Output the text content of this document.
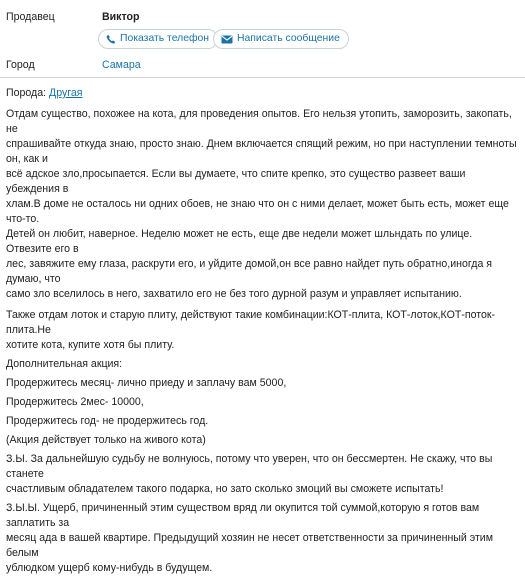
Продавец	Виктор
Показать телефон	Написать сообщение
Город	Самара
Порода: Другая

Отдам существо, похожее на кота, для проведения опытов. Его нельзя утопить, заморозить, закопать, не
спрашивайте откуда знаю, просто знаю. Днем включается спящий режим, но при наступлении темноты он, как и
всё адское зло,просыпается. Если вы думаете, что спите крепко, это существо развеет ваши убеждения в
хлам.В доме не осталось ни одних обоев, не знаю что он с ними делает, может быть есть, может еще что-то.
Детей он любит, наверное. Неделю может не есть, еще две недели может шльндать по улице. Отвезите его в
лес, завяжите ему глаза, раскрути его, и уйдите домой,он все равно найдет путь обратно,иногда я думаю, что
само зло вселилось в него, захватило его не без того дурной разум и управляет испытанию.

Также отдам лоток и старую плиту, действуют такие комбинации:КОТ-плита, КОТ-лоток,КОТ-поток-плита.Не
хотите кота, купите хотя бы плиту.

Дополнительная акция:

Продержитесь месяц- лично приеду и заплачу вам 5000,

Продержитесь 2мес- 10000,

Продержитесь год- не продержитесь год.

(Акция действует только на живого кота)

З.Ы. За дальнейшую судьбу не волнуюсь, потому что уверен, что он бессмертен. Не скажу, что вы станете
счастливым обладателем такого подарка, но зато сколько змоций вы сможете испытать!

З.Ы.Ы. Ущерб, причиненный этим существом вряд ли окупится той суммой,которую я готов вам заплатить за
месяц ада в вашей квартире. Предыдущий хозяин не несет ответственности за причиненный этим белым
ублюдком ущерб кому-нибудь в будущем.
